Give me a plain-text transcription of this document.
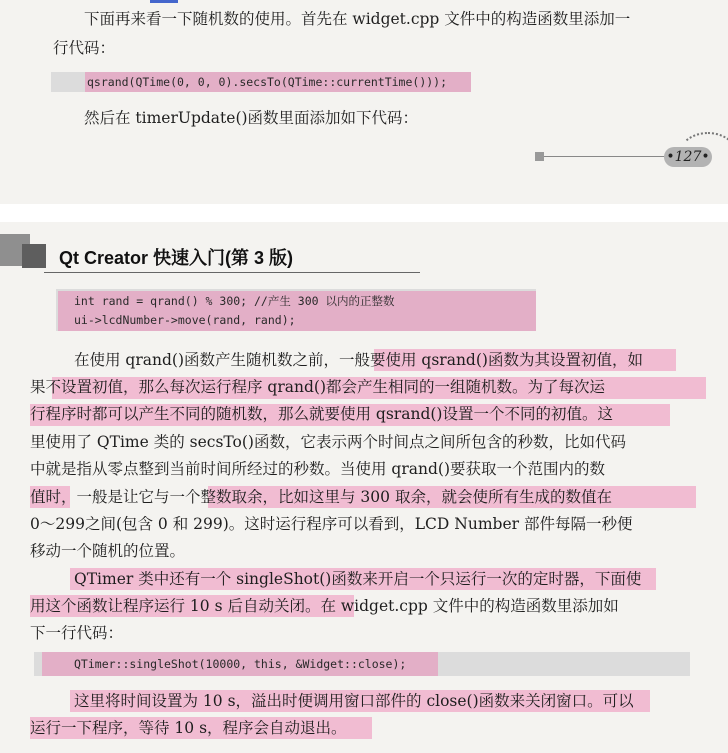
下面再来看一下随机数的使用。首先在 widget.cpp 文件中的构造函数里添加一
行代码：
qsrand(QTime(0, 0, 0).secsTo(QTime::currentTime()));
然后在 timerUpdate()函数里面添加如下代码：
•127•
Qt Creator 快速入门(第 3 版)
int rand = qrand() % 300; //产生 300 以内的正整数
ui->lcdNumber->move(rand, rand);
在使用 qrand()函数产生随机数之前，一般要使用 qsrand()函数为其设置初值，如
果不设置初值，那么每次运行程序 qrand()都会产生相同的一组随机数。为了每次运
行程序时都可以产生不同的随机数，那么就要使用 qsrand()设置一个不同的初值。这
里使用了 QTime 类的 secsTo()函数，它表示两个时间点之间所包含的秒数，比如代码
中就是指从零点整到当前时间所经过的秒数。当使用 qrand()要获取一个范围内的数
值时，一般是让它与一个整数取余，比如这里与 300 取余，就会使所有生成的数值在
0～299之间(包含 0 和 299)。这时运行程序可以看到，LCD Number 部件每隔一秒便
移动一个随机的位置。
QTimer 类中还有一个 singleShot()函数来开启一个只运行一次的定时器，下面使
用这个函数让程序运行 10 s 后自动关闭。在 widget.cpp 文件中的构造函数里添加如
下一行代码：
QTimer::singleShot(10000, this, &Widget::close);
这里将时间设置为 10 s，溢出时便调用窗口部件的 close()函数来关闭窗口。可以
运行一下程序，等待 10 s，程序会自动退出。
